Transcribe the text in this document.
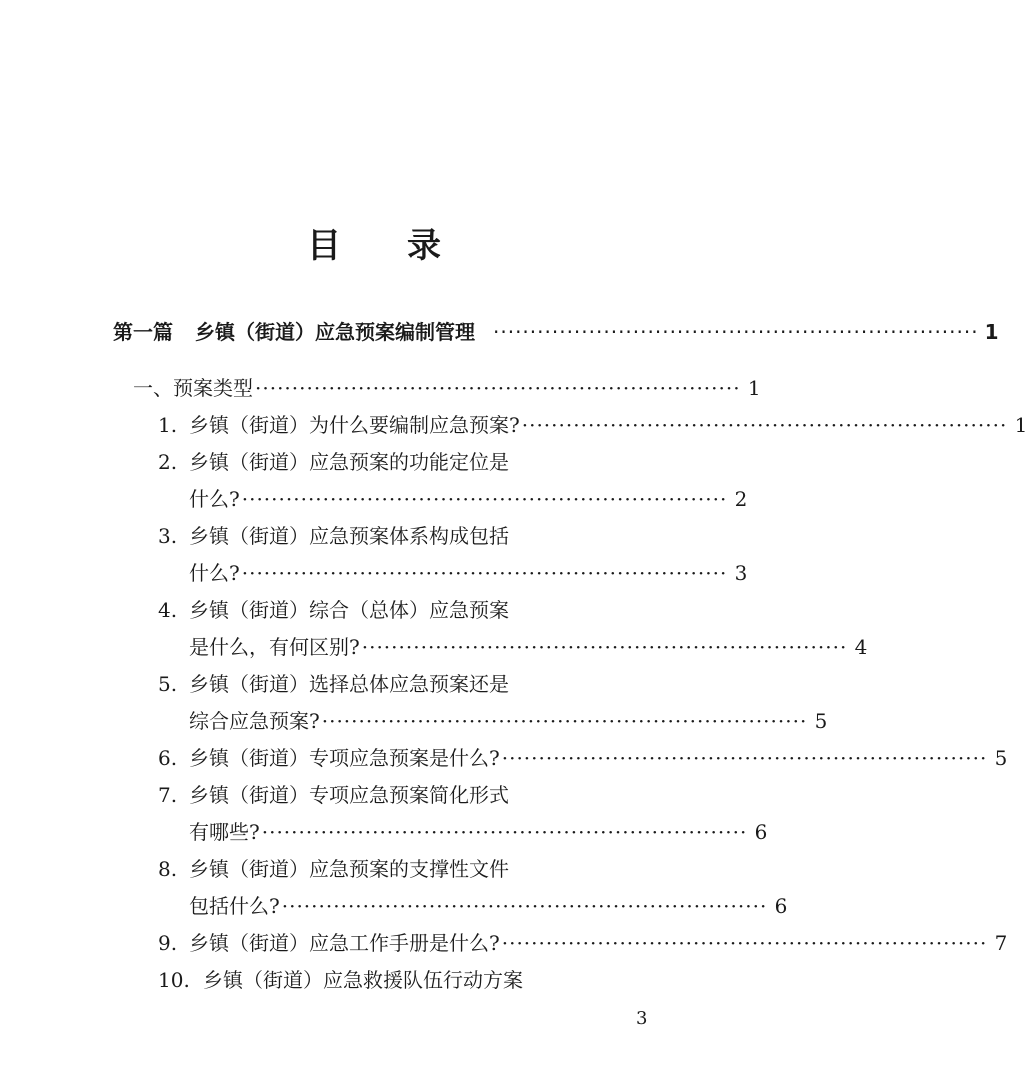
目 录
第一篇 乡镇（街道）应急预案编制管理 ·································································· 1
一、预案类型 ·································································· 1
1. 乡镇（街道）为什么要编制应急预案? ·································································· 1
2. 乡镇（街道）应急预案的功能定位是
什么? ·································································· 2
3. 乡镇（街道）应急预案体系构成包括
什么? ·································································· 3
4. 乡镇（街道）综合（总体）应急预案
是什么，有何区别? ·································································· 4
5. 乡镇（街道）选择总体应急预案还是
综合应急预案? ·································································· 5
6. 乡镇（街道）专项应急预案是什么? ·································································· 5
7. 乡镇（街道）专项应急预案简化形式
有哪些? ·································································· 6
8. 乡镇（街道）应急预案的支撑性文件
包括什么? ·································································· 6
9. 乡镇（街道）应急工作手册是什么? ·································································· 7
10. 乡镇（街道）应急救援队伍行动方案
3
